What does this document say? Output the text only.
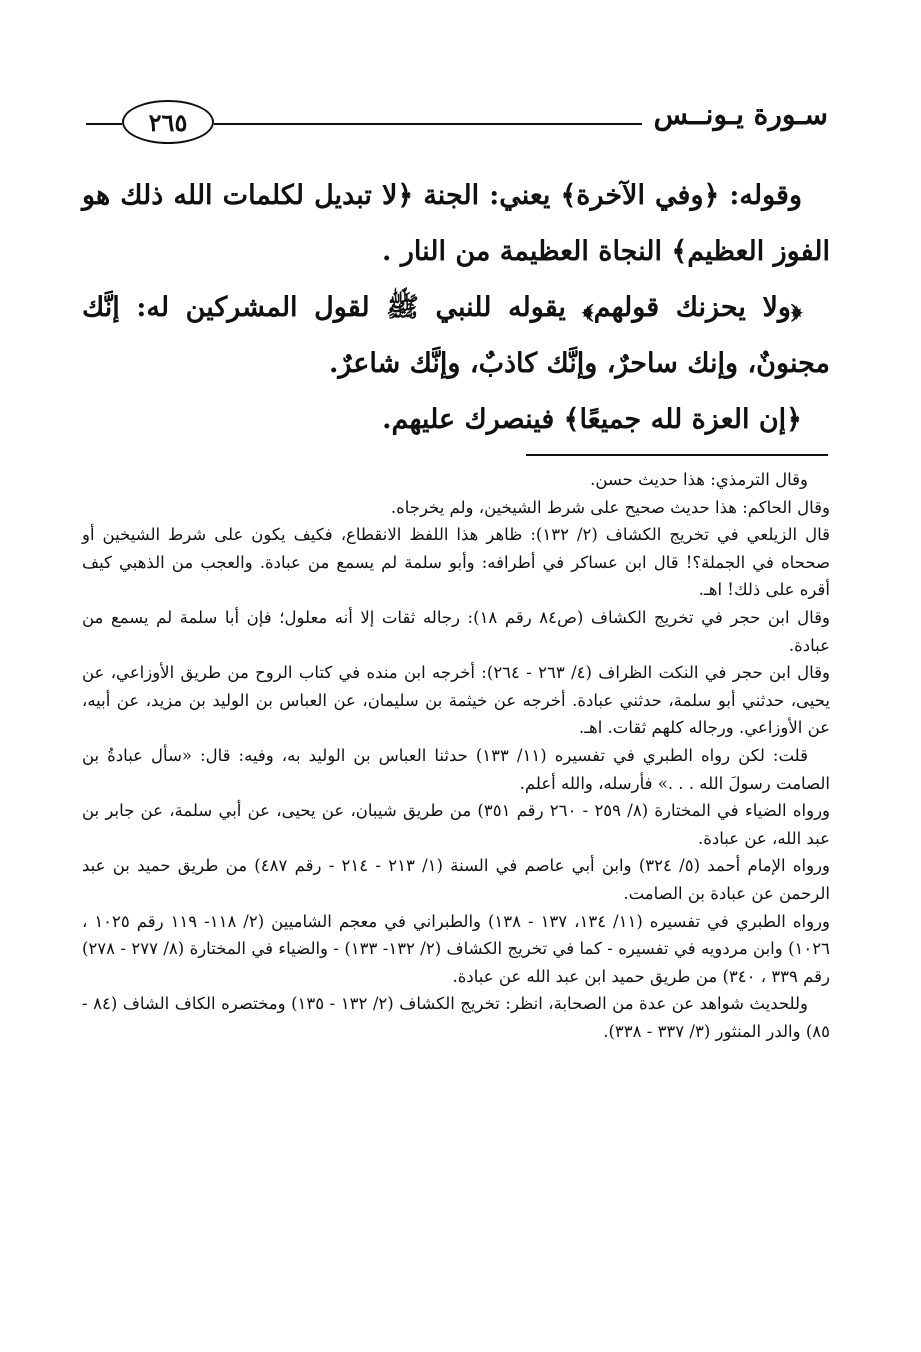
٢٦٥	سـورة يـونــس

وقوله: ﴿وفي الآخرة﴾ يعني: الجنة ﴿لا تبديل لكلمات الله ذلك هو الفوز العظيم﴾ النجاة العظيمة من النار .

﴿ولا يحزنك قولهم﴾ يقوله للنبي ﷺ لقول المشركين له: إنَّك مجنونٌ، وإنك ساحرٌ، وإنَّك كاذبٌ، وإنَّك شاعرٌ.

﴿إن العزة لله جميعًا﴾ فينصرك عليهم.

وقال الترمذي: هذا حديث حسن.

وقال الحاكم: هذا حديث صحيح على شرط الشيخين، ولم يخرجاه.

قال الزيلعي في تخريج الكشاف (٢/ ١٣٢): ظاهر هذا اللفظ الانقطاع، فكيف يكون على شرط الشيخين أو صححاه في الجملة؟! قال ابن عساكر في أطرافه: وأبو سلمة لم يسمع من عبادة. والعجب من الذهبي كيف أقره على ذلك! اهـ.

وقال ابن حجر في تخريج الكشاف (ص٨٤ رقم ١٨): رجاله ثقات إلا أنه معلول؛ فإن أبا سلمة لم يسمع من عبادة.

وقال ابن حجر في النكت الظراف (٤/ ٢٦٣ - ٢٦٤): أخرجه ابن منده في كتاب الروح من طريق الأوزاعي، عن يحيى، حدثني أبو سلمة، حدثني عبادة. أخرجه عن خيثمة بن سليمان، عن العباس بن الوليد بن مزيد، عن أبيه، عن الأوزاعي. ورجاله كلهم ثقات. اهـ.

قلت: لكن رواه الطبري في تفسيره (١١/ ١٣٣) حدثنا العباس بن الوليد به، وفيه: قال: «سأل عبادةُ بن الصامت رسولَ الله . . .» فأرسله، والله أعلم.

ورواه الضياء في المختارة (٨/ ٢٥٩ - ٢٦٠ رقم ٣٥١) من طريق شيبان، عن يحيى، عن أبي سلمة، عن جابر بن عبد الله، عن عبادة.

ورواه الإمام أحمد (٥/ ٣٢٤) وابن أبي عاصم في السنة (١/ ٢١٣ - ٢١٤ - رقم ٤٨٧) من طريق حميد بن عبد الرحمن عن عبادة بن الصامت.

ورواه الطبري في تفسيره (١١/ ١٣٤، ١٣٧ - ١٣٨) والطبراني في معجم الشاميين (٢/ ١١٨- ١١٩ رقم ١٠٢٥ ، ١٠٢٦) وابن مردويه في تفسيره - كما في تخريج الكشاف (٢/ ١٣٢- ١٣٣) - والضياء في المختارة (٨/ ٢٧٧ - ٢٧٨) رقم ٣٣٩ ، ٣٤٠) من طريق حميد ابن عبد الله عن عبادة.

وللحديث شواهد عن عدة من الصحابة، انظر: تخريج الكشاف (٢/ ١٣٢ - ١٣٥) ومختصره الكاف الشاف (٨٤ - ٨٥) والدر المنثور (٣/ ٣٣٧ - ٣٣٨).
